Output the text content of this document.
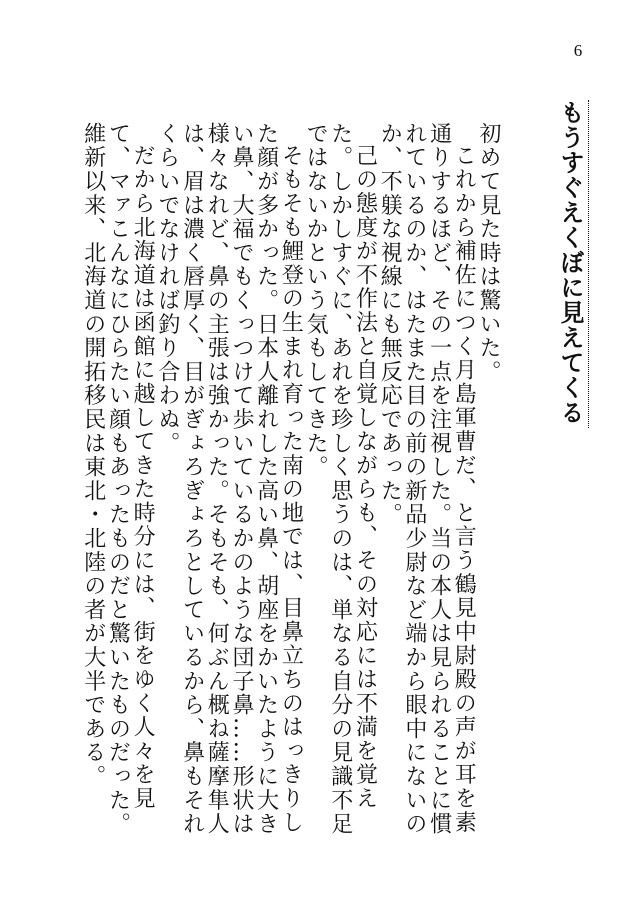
6
もうすぐえくぼに見えてくる

初めて見た時は驚いた。

これから補佐につく月島軍曹だ、と言う鶴見中尉殿の声が耳を素通りするほど、その一点を注視した。当の本人は見られることに慣れているのか、はたまた目の前の新品少尉など端から眼中にないのか、不躾な視線にも無反応であった。

己の態度が不作法と自覚しながらも、その対応には不満を覚えた。しかしすぐに、あれを珍しく思うのは、単なる自分の見識不足ではないかという気もしてきた。

そもそも鯉登の生まれ育った南の地では、目鼻立ちのはっきりした顔が多かった。日本人離れした高い鼻、胡座をかいたように大きい鼻、大福でもくっつけて歩いているかのような団子鼻……形状は様々なれど、鼻の主張は強かった。そもそも、何ぶん概ね薩摩隼人は、眉は濃く唇厚く、目がぎょろぎょろとしているから、鼻もそれくらいでなければ釣り合わぬ。

だから北海道は函館に越してきた時分には、街をゆく人々を見て、マァこんなにひらたい顔もあったものだと驚いたものだった。維新以来、北海道の開拓移民は東北・北陸の者が大半である。
